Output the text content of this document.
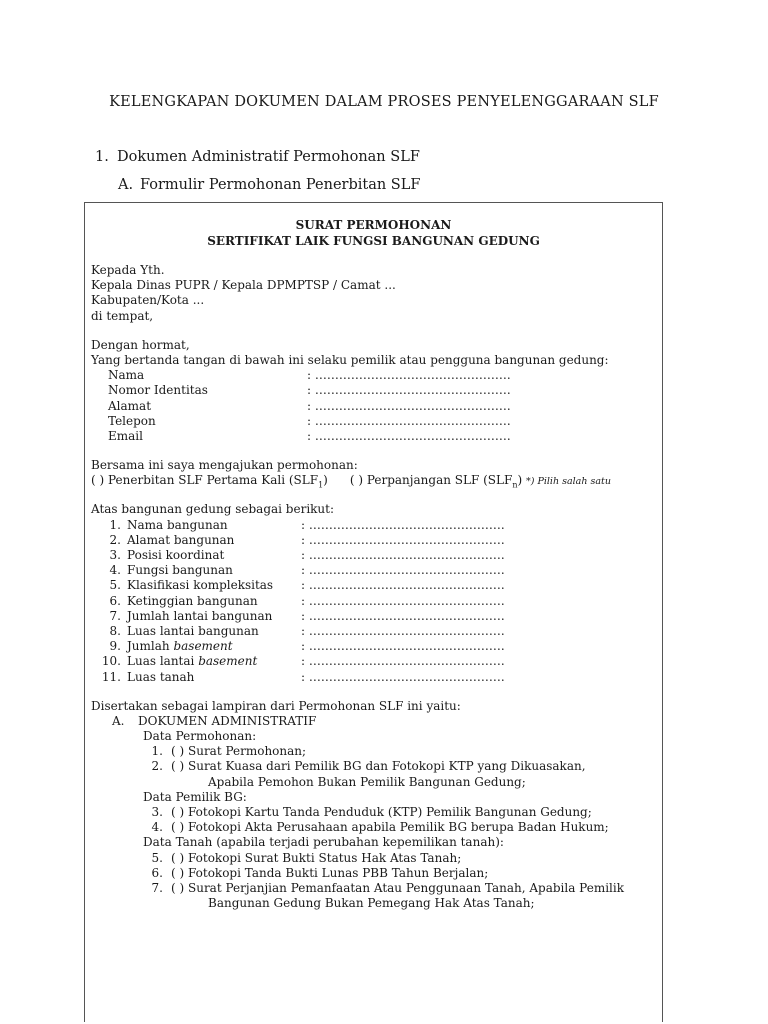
KELENGKAPAN DOKUMEN DALAM PROSES PENYELENGGARAAN SLF
1. Dokumen Administratif Permohonan SLF
A. Formulir Permohonan Penerbitan SLF
SURAT PERMOHONAN
SERTIFIKAT LAIK FUNGSI BANGUNAN GEDUNG
Kepada Yth.
Kepala Dinas PUPR / Kepala DPMPTSP / Camat ...
Kabupaten/Kota ...
di tempat,
Dengan hormat,
Yang bertanda tangan di bawah ini selaku pemilik atau pengguna bangunan gedung:
Nama	: ………………………………………….
Nomor Identitas	: ………………………………………….
Alamat	: ………………………………………….
Telepon	: ………………………………………….
Email	: ………………………………………….
Bersama ini saya mengajukan permohonan:
( ) Penerbitan SLF Pertama Kali $(SLF_1)$ ( ) Perpanjangan SLF $(SLF_n)$ *) Pilih salah satu
Atas bangunan gedung sebagai berikut:
1. Nama bangunan	: ………………………………………….
2. Alamat bangunan	: ………………………………………….
3. Posisi koordinat	: ………………………………………….
4. Fungsi bangunan	: ………………………………………….
5. Klasifikasi kompleksitas	: ………………………………………….
6. Ketinggian bangunan	: ………………………………………….
7. Jumlah lantai bangunan	: ………………………………………….
8. Luas lantai bangunan	: ………………………………………….
9. Jumlah basement	: ………………………………………….
10. Luas lantai basement	: ………………………………………….
11. Luas tanah	: ………………………………………….
Disertakan sebagai lampiran dari Permohonan SLF ini yaitu:
A.	DOKUMEN ADMINISTRATIF
Data Permohonan:
1. ( ) Surat Permohonan;
2. ( ) Surat Kuasa dari Pemilik BG dan Fotokopi KTP yang Dikuasakan,
Apabila Pemohon Bukan Pemilik Bangunan Gedung;
Data Pemilik BG:
3. ( ) Fotokopi Kartu Tanda Penduduk (KTP) Pemilik Bangunan Gedung;
4. ( ) Fotokopi Akta Perusahaan apabila Pemilik BG berupa Badan Hukum;
Data Tanah (apabila terjadi perubahan kepemilikan tanah):
5. ( ) Fotokopi Surat Bukti Status Hak Atas Tanah;
6. ( ) Fotokopi Tanda Bukti Lunas PBB Tahun Berjalan;
7. ( ) Surat Perjanjian Pemanfaatan Atau Penggunaan Tanah, Apabila Pemilik
Bangunan Gedung Bukan Pemegang Hak Atas Tanah;
